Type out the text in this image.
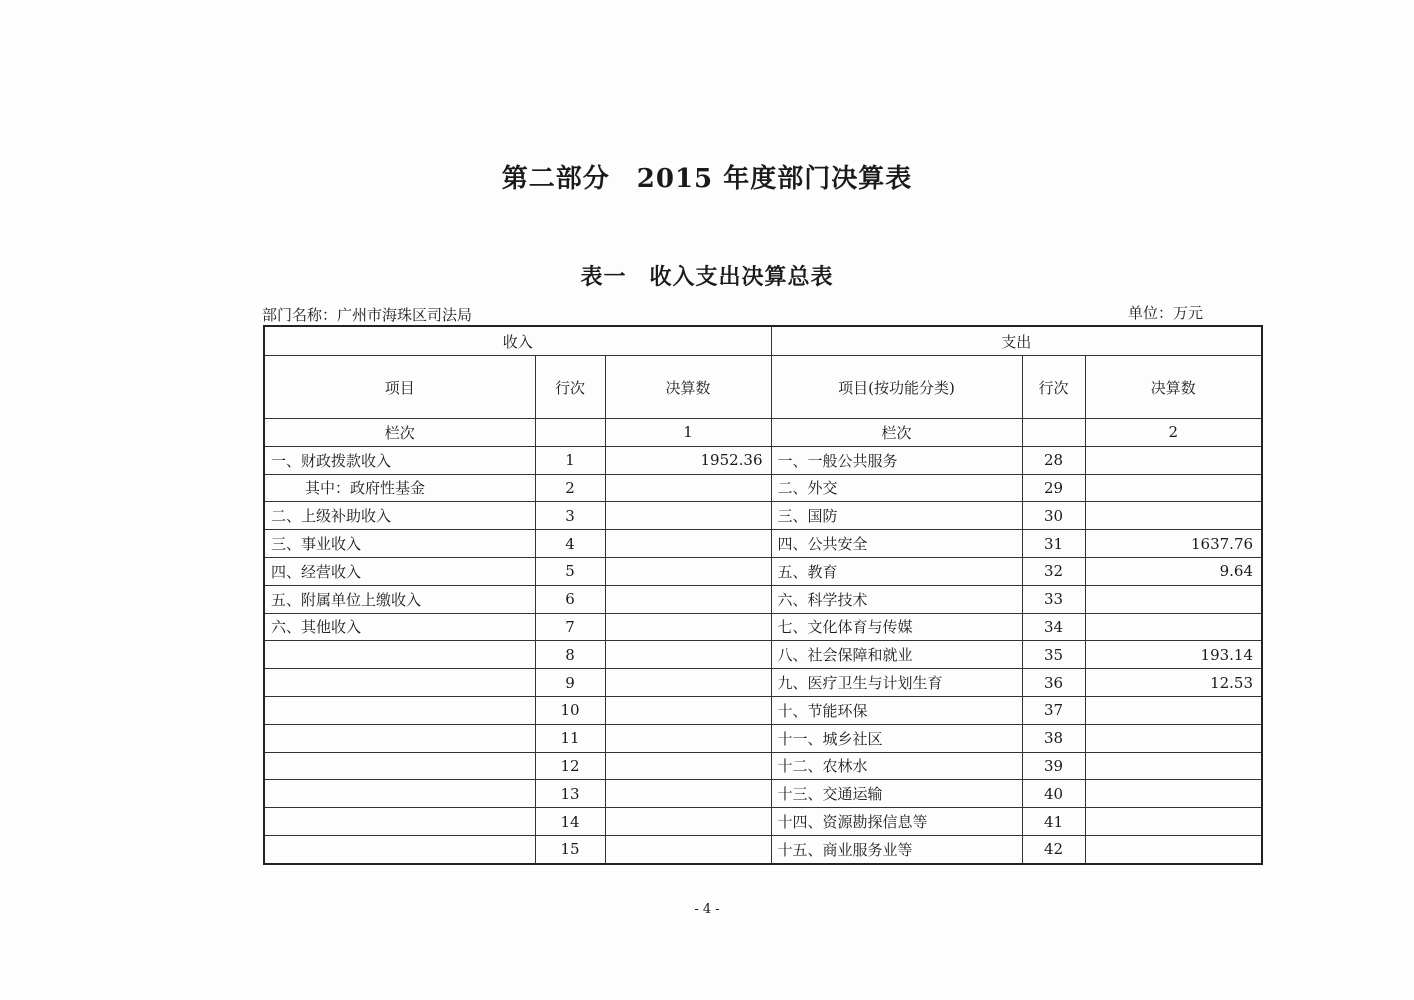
第二部分　2015 年度部门决算表
表一　收入支出决算总表
部门名称：广州市海珠区司法局	单位：万元
收入			支出		
项目	行次	决算数	项目(按功能分类)	行次	决算数
栏次		1	栏次		2
一、财政拨款收入	1	1952.36	一、一般公共服务	28	
其中：政府性基金	2		二、外交	29	
二、上级补助收入	3		三、国防	30	
三、事业收入	4		四、公共安全	31	1637.76
四、经营收入	5		五、教育	32	9.64
五、附属单位上缴收入	6		六、科学技术	33	
六、其他收入	7		七、文化体育与传媒	34	
	8		八、社会保障和就业	35	193.14
	9		九、医疗卫生与计划生育	36	12.53
	10		十、节能环保	37	
	11		十一、城乡社区	38	
	12		十二、农林水	39	
	13		十三、交通运输	40	
	14		十四、资源勘探信息等	41	
	15		十五、商业服务业等	42	
- 4 -
